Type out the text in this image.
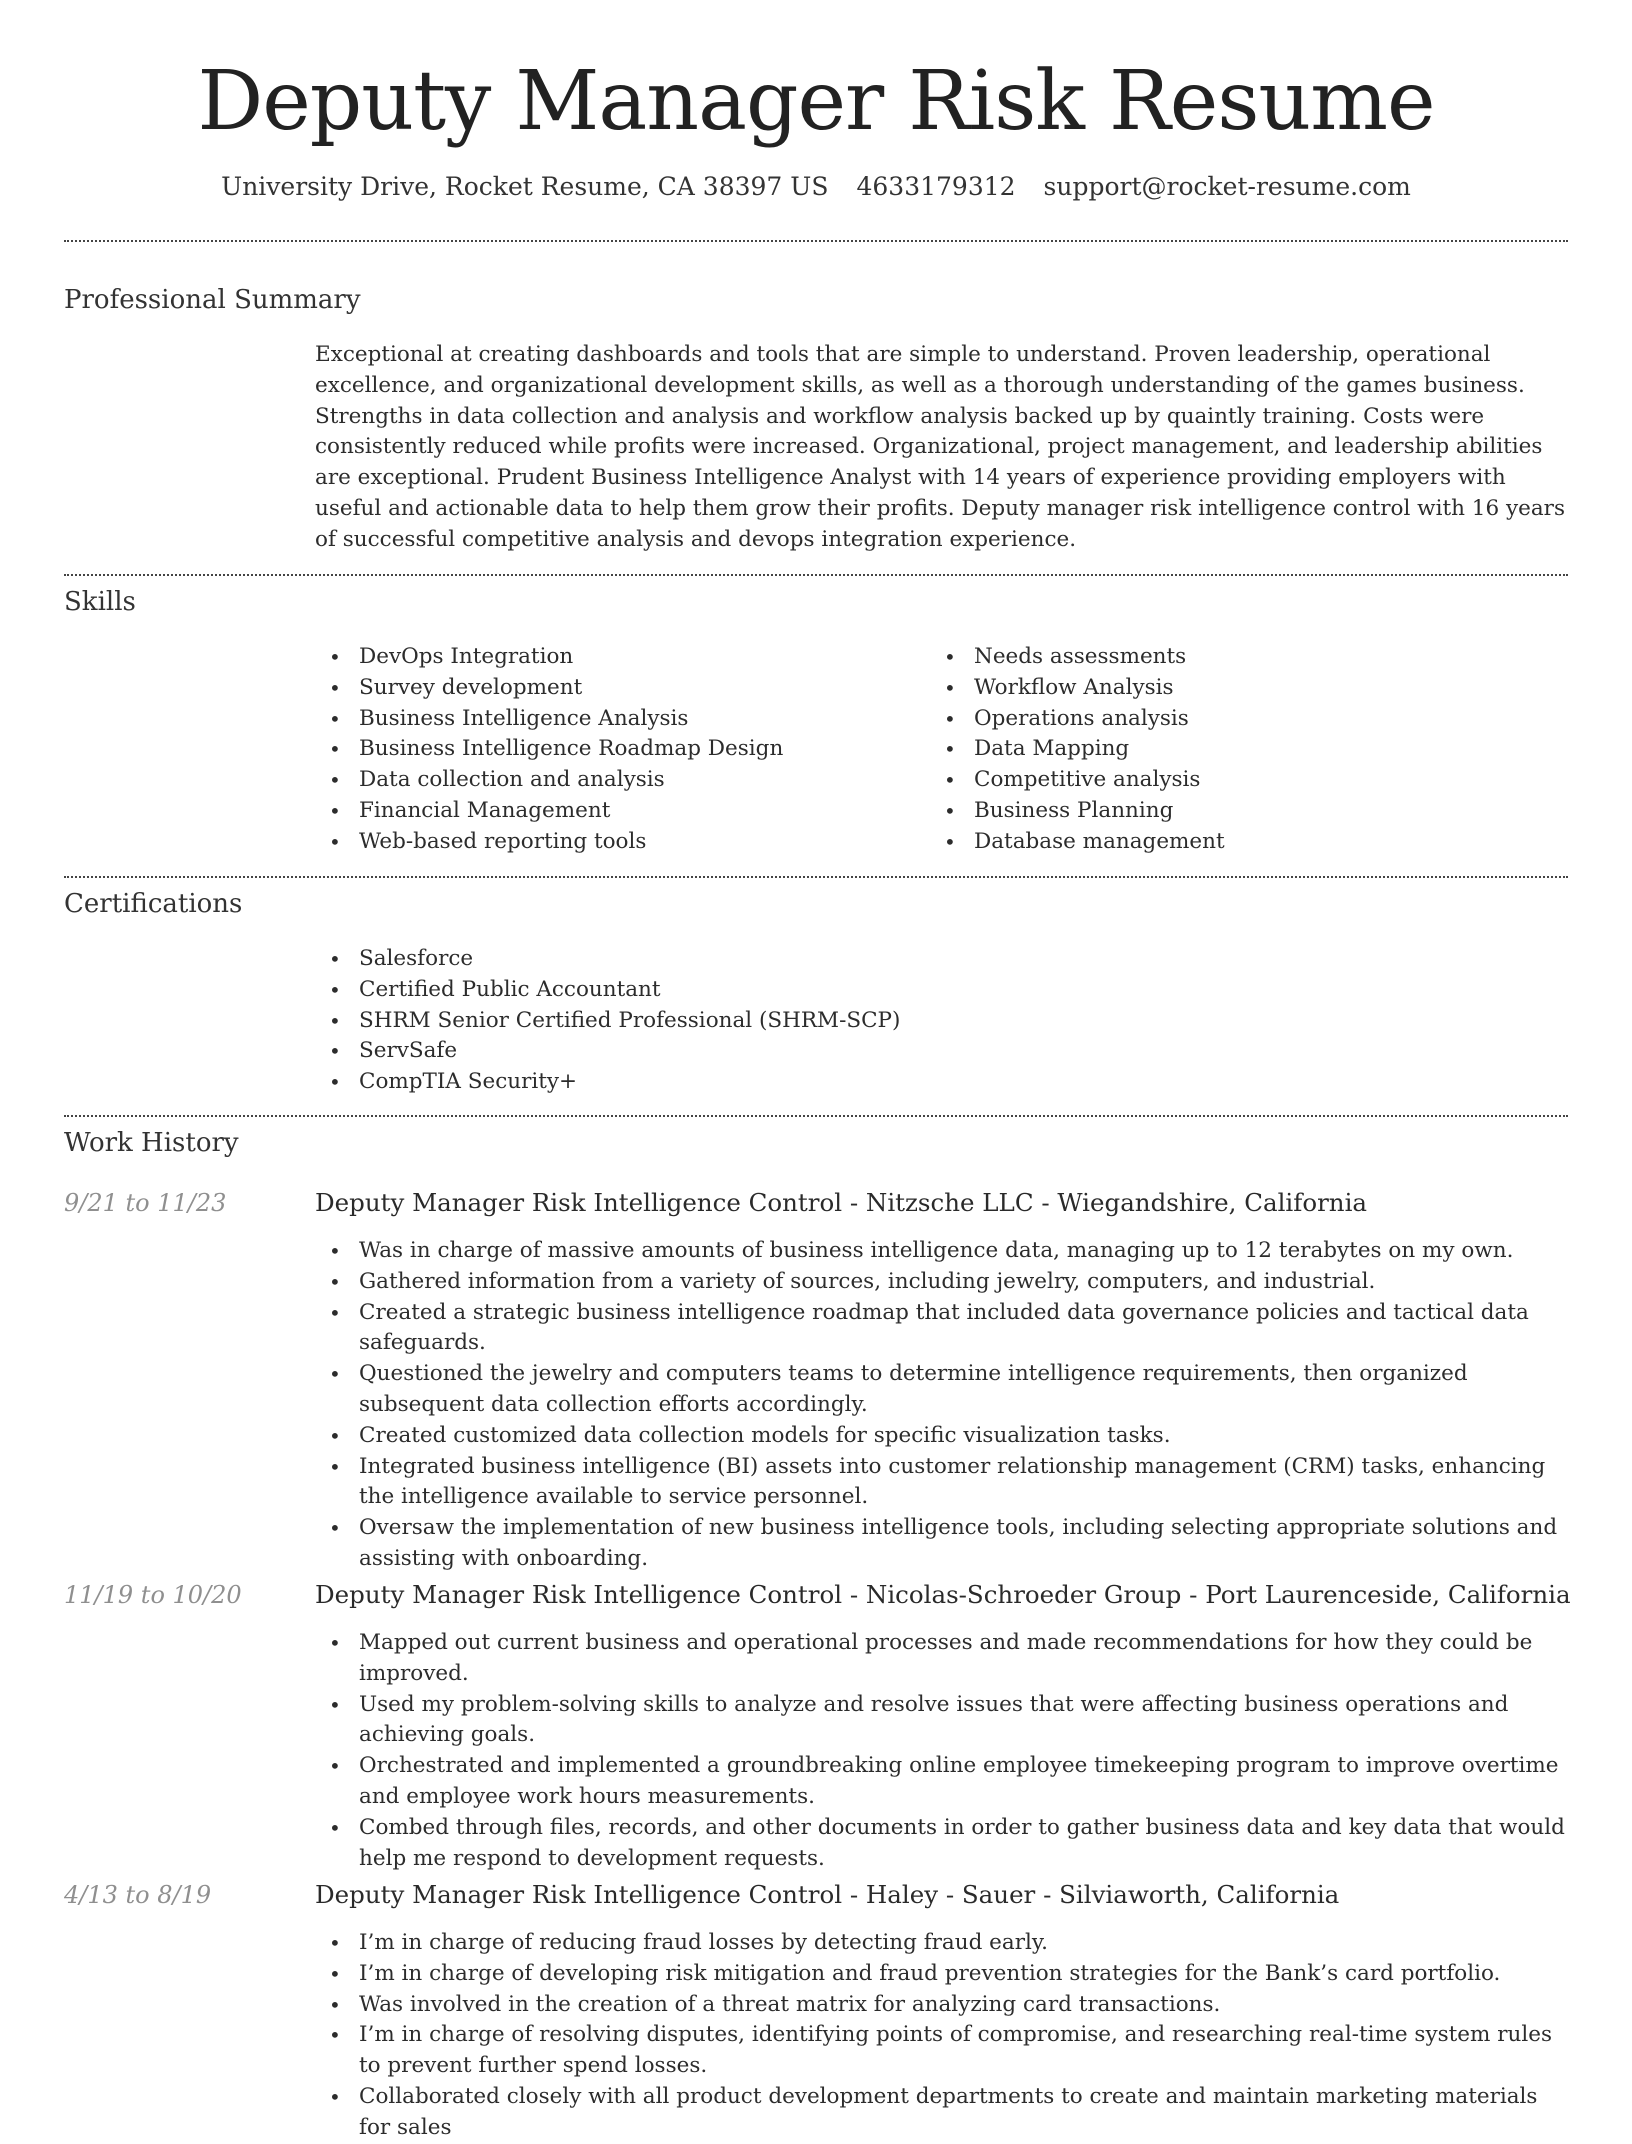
Deputy Manager Risk Resume
University Drive, Rocket Resume, CA 38397 US 4633179312 support@rocket-resume.com
Professional Summary

Exceptional at creating dashboards and tools that are simple to understand. Proven leadership, operational excellence, and organizational development skills, as well as a thorough understanding of the games business. Strengths in data collection and analysis and workflow analysis backed up by quaintly training. Costs were consistently reduced while profits were increased. Organizational, project management, and leadership abilities are exceptional. Prudent Business Intelligence Analyst with 14 years of experience providing employers with useful and actionable data to help them grow their profits. Deputy manager risk intelligence control with 16 years of successful competitive analysis and devops integration experience.

Skills
• DevOps Integration
• Survey development
• Business Intelligence Analysis
• Business Intelligence Roadmap Design
• Data collection and analysis
• Financial Management
• Web-based reporting tools
• Needs assessments
• Workflow Analysis
• Operations analysis
• Data Mapping
• Competitive analysis
• Business Planning
• Database management
Certifications
• Salesforce
• Certified Public Accountant
• SHRM Senior Certified Professional (SHRM-SCP)
• ServSafe
• CompTIA Security+
Work History
9/21 to 11/23	Deputy Manager Risk Intelligence Control - Nitzsche LLC - Wiegandshire, California
• Was in charge of massive amounts of business intelligence data, managing up to 12 terabytes on my own.
• Gathered information from a variety of sources, including jewelry, computers, and industrial.
• Created a strategic business intelligence roadmap that included data governance policies and tactical data safeguards.
• Questioned the jewelry and computers teams to determine intelligence requirements, then organized subsequent data collection efforts accordingly.
• Created customized data collection models for specific visualization tasks.
• Integrated business intelligence (BI) assets into customer relationship management (CRM) tasks, enhancing the intelligence available to service personnel.
• Oversaw the implementation of new business intelligence tools, including selecting appropriate solutions and assisting with onboarding.
11/19 to 10/20	Deputy Manager Risk Intelligence Control - Nicolas-Schroeder Group - Port Laurenceside, California
• Mapped out current business and operational processes and made recommendations for how they could be improved.
• Used my problem-solving skills to analyze and resolve issues that were affecting business operations and achieving goals.
• Orchestrated and implemented a groundbreaking online employee timekeeping program to improve overtime and employee work hours measurements.
• Combed through files, records, and other documents in order to gather business data and key data that would help me respond to development requests.
4/13 to 8/19	Deputy Manager Risk Intelligence Control - Haley - Sauer - Silviaworth, California
• I’m in charge of reducing fraud losses by detecting fraud early.
• I’m in charge of developing risk mitigation and fraud prevention strategies for the Bank’s card portfolio.
• Was involved in the creation of a threat matrix for analyzing card transactions.
• I’m in charge of resolving disputes, identifying points of compromise, and researching real-time system rules to prevent further spend losses.
• Collaborated closely with all product development departments to create and maintain marketing materials for sales
